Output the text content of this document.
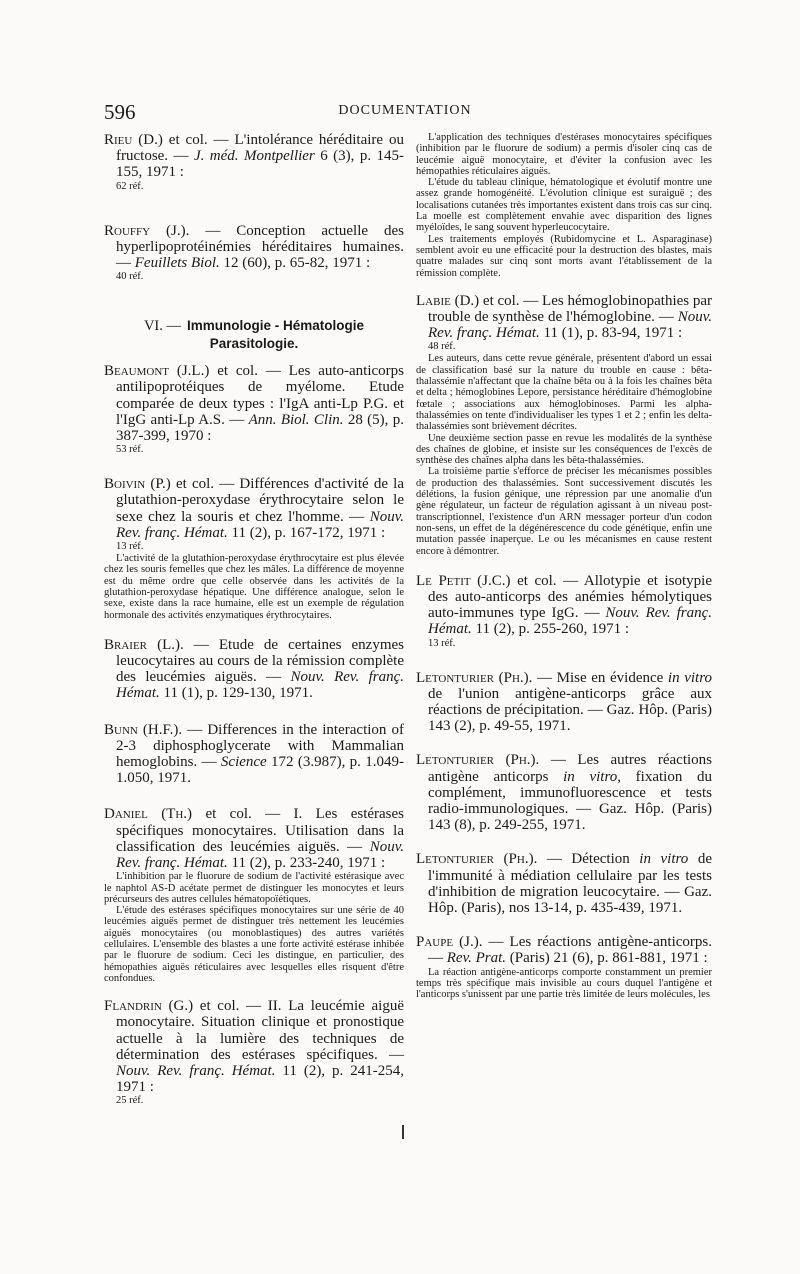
596	DOCUMENTATION

Rieu (D.) et col. — L'intolérance héréditaire ou fructose. — J. méd. Montpellier 6 (3), p. 145-155, 1971 :

62 réf.

Rouffy (J.). — Conception actuelle des hyperlipoprotéinémies héréditaires humaines. — Feuillets Biol. 12 (60), p. 65-82, 1971 :

40 réf.

VI. — Immunologie - Hématologie
Parasitologie.

Beaumont (J.L.) et col. — Les auto-anticorps antilipoprotéiques de myélome. Etude comparée de deux types : l'IgA anti-Lp P.G. et l'IgG anti-Lp A.S. — Ann. Biol. Clin. 28 (5), p. 387-399, 1970 :

53 réf.

Boivin (P.) et col. — Différences d'activité de la glutathion-peroxydase érythrocytaire selon le sexe chez la souris et chez l'homme. — Nouv. Rev. franç. Hémat. 11 (2), p. 167-172, 1971 :

13 réf.

L'activité de la glutathion-peroxydase érythrocytaire est plus élevée chez les souris femelles que chez les mâles. La différence de moyenne est du même ordre que celle observée dans les activités de la glutathion-peroxydase hépatique. Une différence analogue, selon le sexe, existe dans la race humaine, elle est un exemple de régulation hormonale des activités enzymatiques érythrocytaires.

Braier (L.). — Etude de certaines enzymes leucocytaires au cours de la rémission complète des leucémies aiguës. — Nouv. Rev. franç. Hémat. 11 (1), p. 129-130, 1971.

Bunn (H.F.). — Differences in the interaction of 2-3 diphosphoglycerate with Mammalian hemoglobins. — Science 172 (3.987), p. 1.049-1.050, 1971.

Daniel (Th.) et col. — I. Les estérases spécifiques monocytaires. Utilisation dans la classification des leucémies aiguës. — Nouv. Rev. franç. Hémat. 11 (2), p. 233-240, 1971 :

L'inhibition par le fluorure de sodium de l'activité estérasique avec le naphtol AS-D acétate permet de distinguer les monocytes et leurs précurseurs des autres cellules hématopoïétiques.

L'étude des estérases spécifiques monocytaires sur une série de 40 leucémies aiguës permet de distinguer très nettement les leucémies aiguës monocytaires (ou monoblastiques) des autres variétés cellulaires. L'ensemble des blastes a une forte activité estérase inhibée par le fluorure de sodium. Ceci les distingue, en particulier, des hémopathies aiguës réticulaires avec lesquelles elles risquent d'être confondues.

Flandrin (G.) et col. — II. La leucémie aiguë monocytaire. Situation clinique et pronostique actuelle à la lumière des techniques de détermination des estérases spécifiques. — Nouv. Rev. franç. Hémat. 11 (2), p. 241-254, 1971 :

25 réf.

L'application des techniques d'estérases monocytaires spécifiques (inhibition par le fluorure de sodium) a permis d'isoler cinq cas de leucémie aiguë monocytaire, et d'éviter la confusion avec les hémopathies réticulaires aiguës.

L'étude du tableau clinique, hématologique et évolutif montre une assez grande homogénéité. L'évolution clinique est suraiguë ; des localisations cutanées très importantes existent dans trois cas sur cinq. La moelle est complètement envahie avec disparition des lignes myéloïdes, le sang souvent hyperleucocytaire.

Les traitements employés (Rubidomycine et L. Asparaginase) semblent avoir eu une efficacité pour la destruction des blastes, mais quatre malades sur cinq sont morts avant l'établissement de la rémission complète.

Labie (D.) et col. — Les hémoglobinopathies par trouble de synthèse de l'hémoglobine. — Nouv. Rev. franç. Hémat. 11 (1), p. 83-94, 1971 :

48 réf.

Les auteurs, dans cette revue générale, présentent d'abord un essai de classification basé sur la nature du trouble en cause : bêta-thalassémie n'affectant que la chaîne bêta ou à la fois les chaînes bêta et delta ; hémoglobines Lepore, persistance héréditaire d'hémoglobine fœtale ; associations aux hémoglobinoses. Parmi les alpha-thalassémies on tente d'individualiser les types 1 et 2 ; enfin les delta-thalassémies sont brièvement décrites.

Une deuxième section passe en revue les modalités de la synthèse des chaînes de globine, et insiste sur les conséquences de l'excès de synthèse des chaînes alpha dans les bêta-thalassémies.

La troisième partie s'efforce de préciser les mécanismes possibles de production des thalassémies. Sont successivement discutés les délétions, la fusion génique, une répression par une anomalie d'un gène régulateur, un facteur de régulation agissant à un niveau post-transcriptionnel, l'existence d'un ARN messager porteur d'un codon non-sens, un effet de la dégénérescence du code génétique, enfin une mutation passée inaperçue. Le ou les mécanismes en cause restent encore à démontrer.

Le Petit (J.C.) et col. — Allotypie et isotypie des auto-anticorps des anémies hémolytiques auto-immunes type IgG. — Nouv. Rev. franç. Hémat. 11 (2), p. 255-260, 1971 :

13 réf.

Letonturier (Ph.). — Mise en évidence in vitro de l'union antigène-anticorps grâce aux réactions de précipitation. — Gaz. Hôp. (Paris) 143 (2), p. 49-55, 1971.

Letonturier (Ph.). — Les autres réactions antigène anticorps in vitro, fixation du complément, immunofluorescence et tests radio-immunologiques. — Gaz. Hôp. (Paris) 143 (8), p. 249-255, 1971.

Letonturier (Ph.). — Détection in vitro de l'immunité à médiation cellulaire par les tests d'inhibition de migration leucocytaire. — Gaz. Hôp. (Paris), nos 13-14, p. 435-439, 1971.

Paupe (J.). — Les réactions antigène-anticorps. — Rev. Prat. (Paris) 21 (6), p. 861-881, 1971 :

La réaction antigène-anticorps comporte constamment un premier temps très spécifique mais invisible au cours duquel l'antigène et l'anticorps s'unissent par une partie très limitée de leurs molécules, les
